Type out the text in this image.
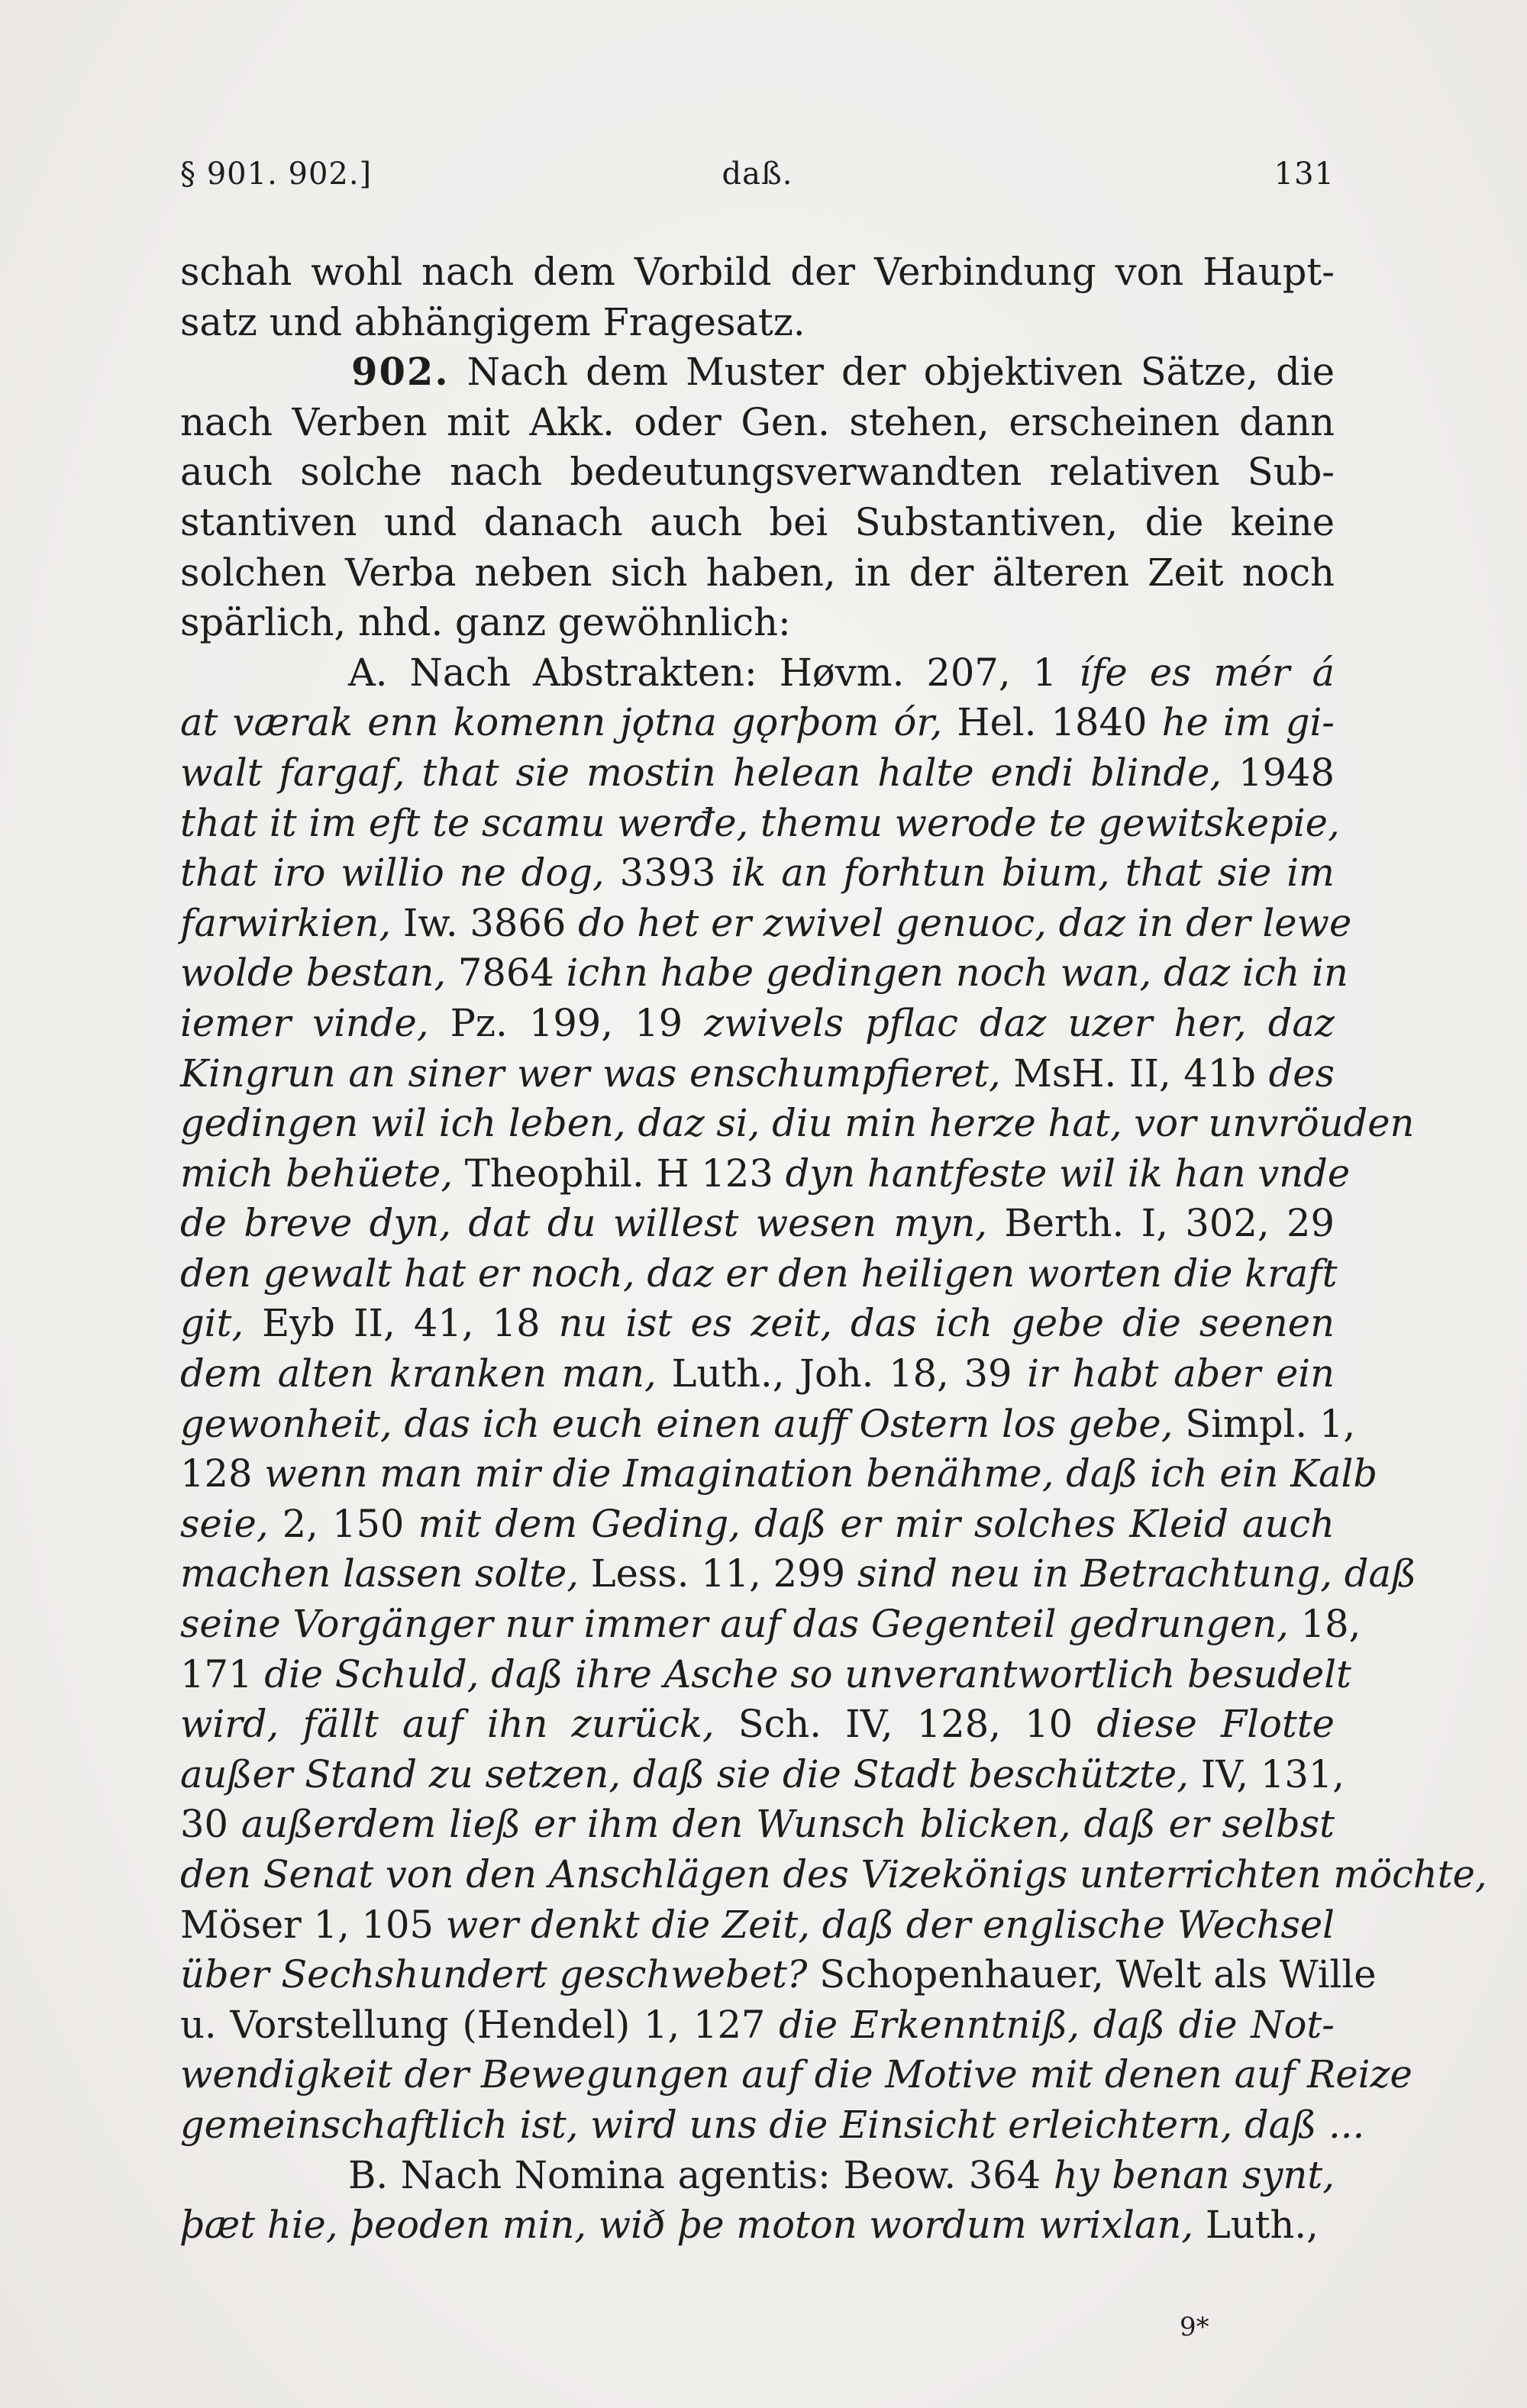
§ 901. 902.]	daß.	131
schah wohl nach dem Vorbild der Verbindung von Haupt-
satz und abhängigem Fragesatz.
902. Nach dem Muster der objektiven Sätze, die
nach Verben mit Akk. oder Gen. stehen, erscheinen dann
auch solche nach bedeutungsverwandten relativen Sub-
stantiven und danach auch bei Substantiven, die keine
solchen Verba neben sich haben, in der älteren Zeit noch
spärlich, nhd. ganz gewöhnlich:
A. Nach Abstrakten: Høvm. 207, 1 ífe es mér á
at værak enn komenn jǫtna gǫrþom ór, Hel. 1840 he im gi-
walt fargaf, that sie mostin helean halte endi blinde, 1948
that it im eft te scamu werđe, themu werode te gewitskepie,
that iro willio ne dog, 3393 ik an forhtun bium, that sie im
farwirkien, Iw. 3866 do het er zwivel genuoc, daz in der lewe
wolde bestan, 7864 ichn habe gedingen noch wan, daz ich in
iemer vinde, Pz. 199, 19 zwivels pflac daz uzer her, daz
Kingrun an siner wer was enschumpfieret, MsH. II, 41b des
gedingen wil ich leben, daz si, diu min herze hat, vor unvröuden
mich behüete, Theophil. H 123 dyn hantfeste wil ik han vnde
de breve dyn, dat du willest wesen myn, Berth. I, 302, 29
den gewalt hat er noch, daz er den heiligen worten die kraft
git, Eyb II, 41, 18 nu ist es zeit, das ich gebe die seenen
dem alten kranken man, Luth., Joh. 18, 39 ir habt aber ein
gewonheit, das ich euch einen auff Ostern los gebe, Simpl. 1,
128 wenn man mir die Imagination benähme, daß ich ein Kalb
seie, 2, 150 mit dem Geding, daß er mir solches Kleid auch
machen lassen solte, Less. 11, 299 sind neu in Betrachtung, daß
seine Vorgänger nur immer auf das Gegenteil gedrungen, 18,
171 die Schuld, daß ihre Asche so unverantwortlich besudelt
wird, fällt auf ihn zurück, Sch. IV, 128, 10 diese Flotte
außer Stand zu setzen, daß sie die Stadt beschützte, IV, 131,
30 außerdem ließ er ihm den Wunsch blicken, daß er selbst
den Senat von den Anschlägen des Vizekönigs unterrichten möchte,
Möser 1, 105 wer denkt die Zeit, daß der englische Wechsel
über Sechshundert geschwebet? Schopenhauer, Welt als Wille
u. Vorstellung (Hendel) 1, 127 die Erkenntniß, daß die Not-
wendigkeit der Bewegungen auf die Motive mit denen auf Reize
gemeinschaftlich ist, wird uns die Einsicht erleichtern, daß ...
B. Nach Nomina agentis: Beow. 364 hy benan synt,
þæt hie, þeoden min, wið þe moton wordum wrixlan, Luth.,
9*
